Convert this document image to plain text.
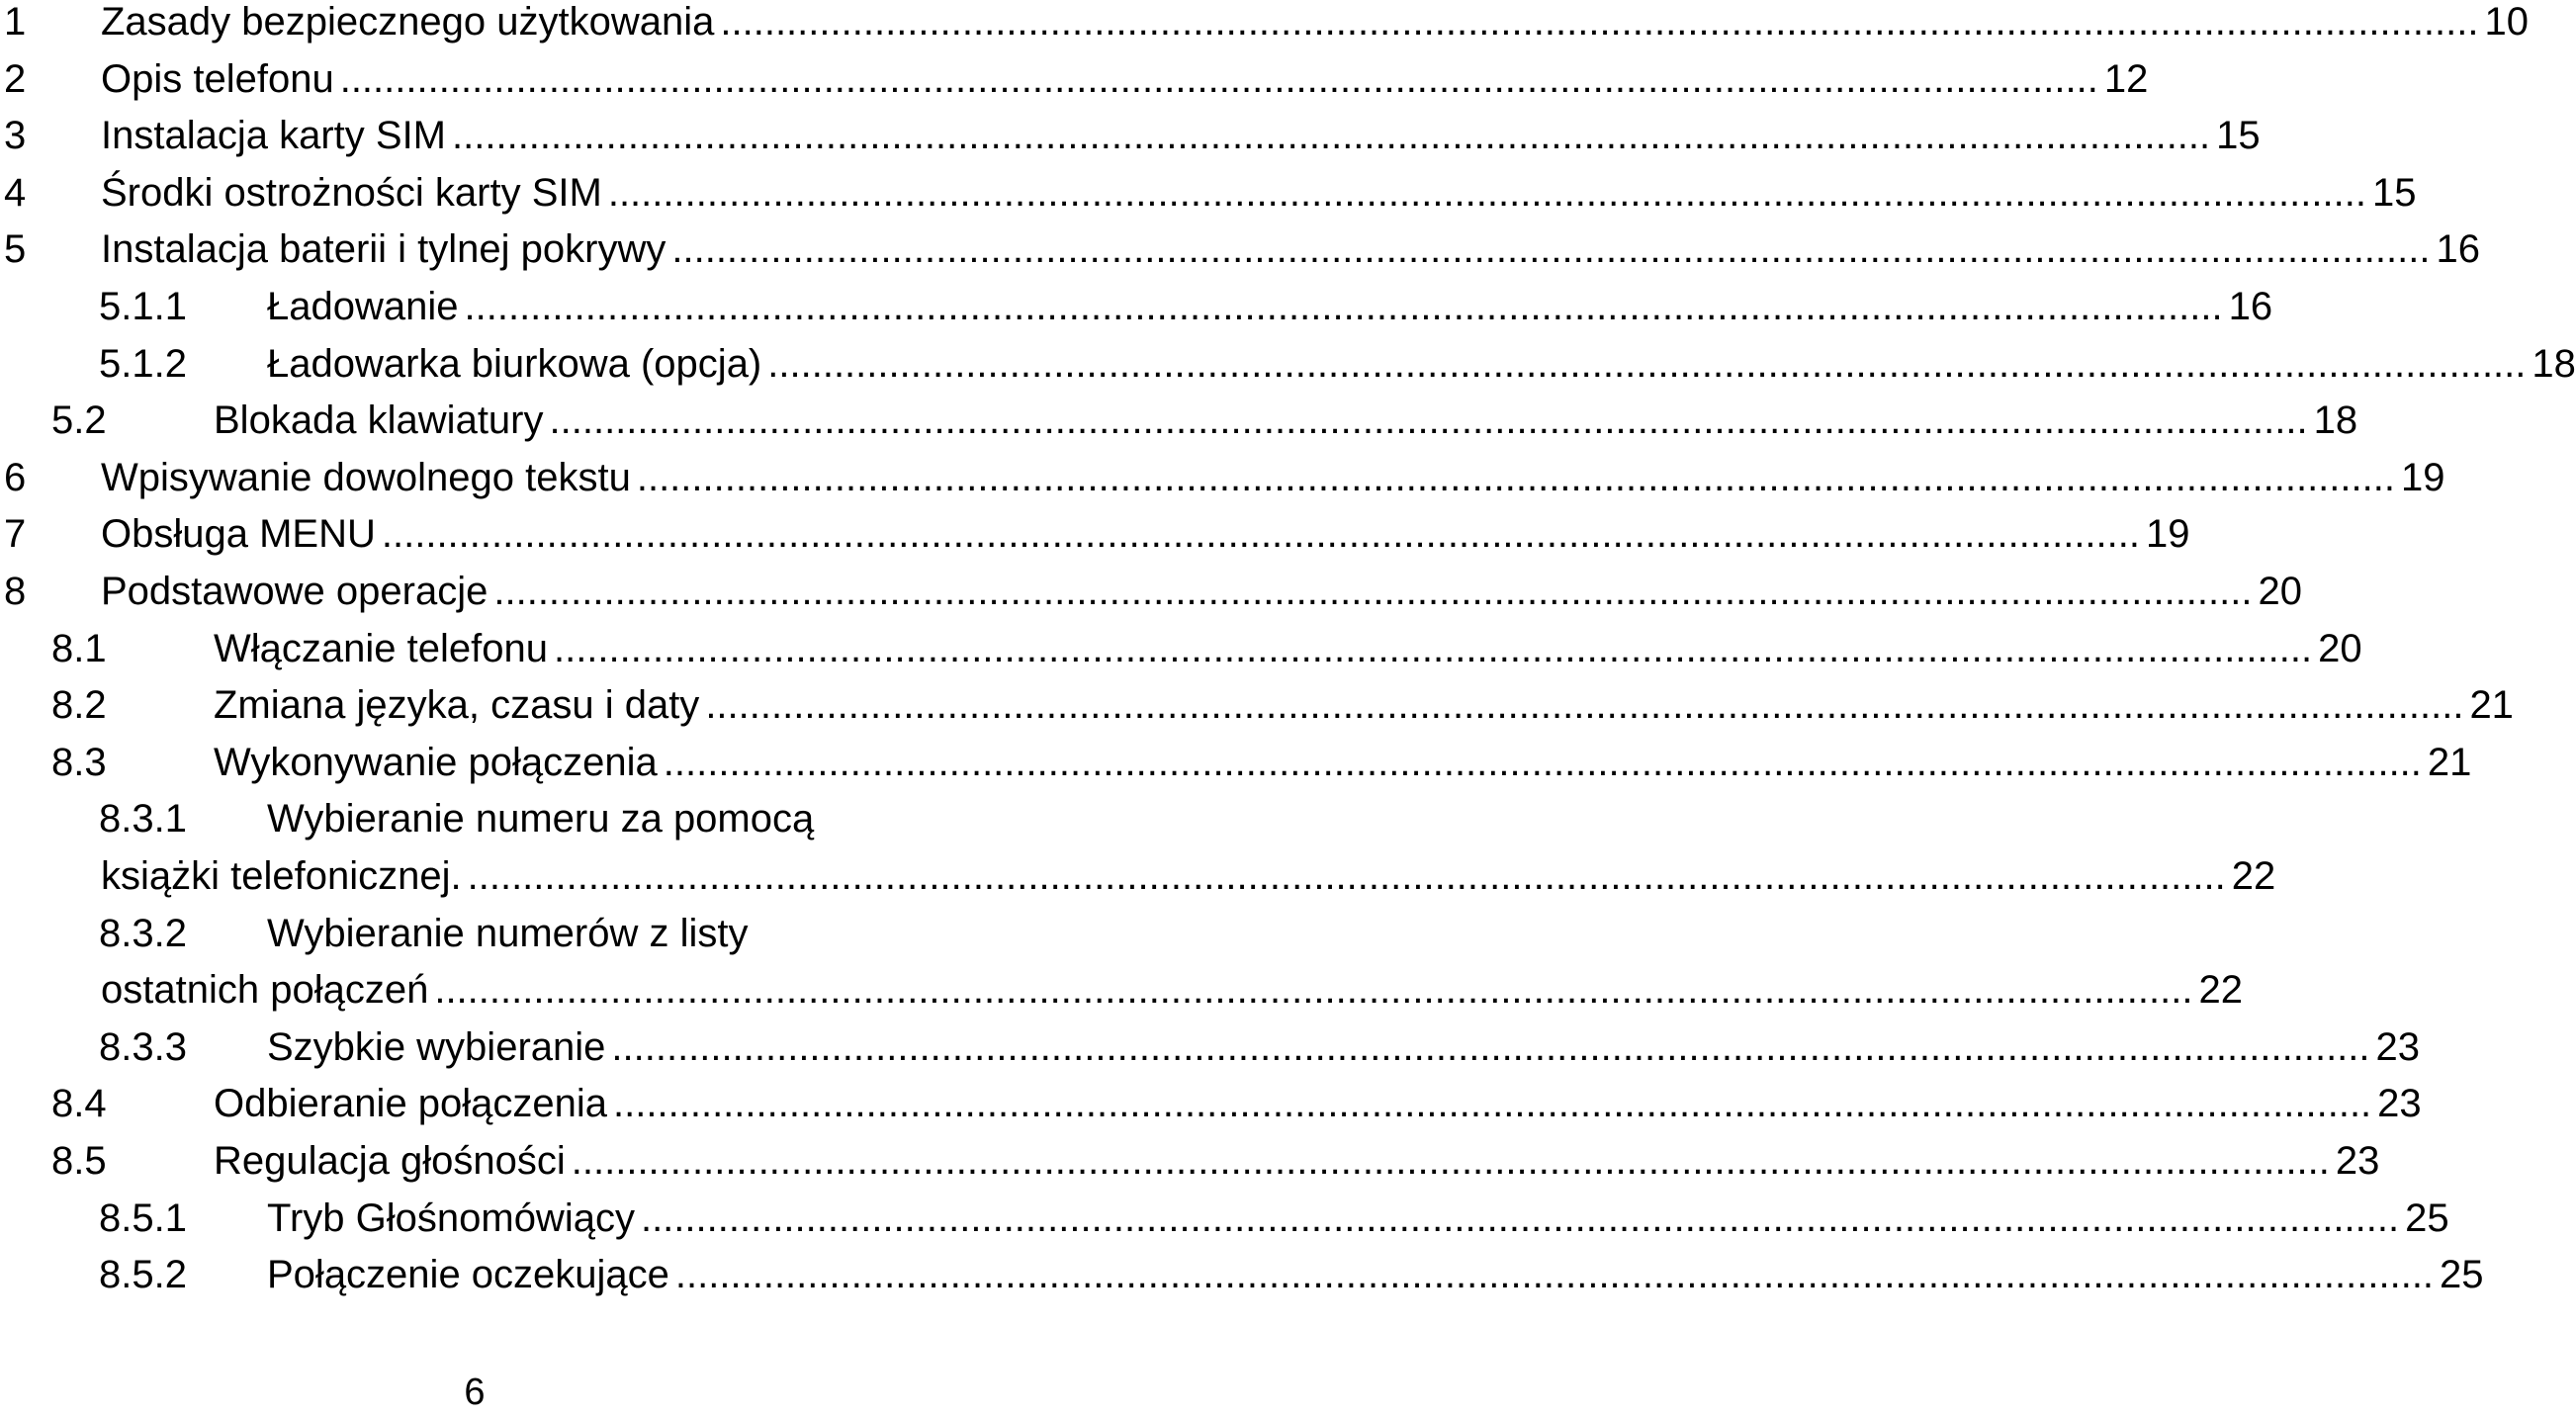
1 Zasady bezpiecznego użytkowania ................................................................................................................................................................ 10
2 Opis telefonu ................................................................................................................................................................ 12
3 Instalacja karty SIM ................................................................................................................................................................ 15
4 Środki ostrożności karty SIM ................................................................................................................................................................ 15
5 Instalacja baterii i tylnej pokrywy ................................................................................................................................................................ 16
5.1.1 Ładowanie ................................................................................................................................................................ 16
5.1.2 Ładowarka biurkowa (opcja) ................................................................................................................................................................ 18
5.2	Blokada klawiatury ................................................................................................................................................................ 18
6 Wpisywanie dowolnego tekstu ................................................................................................................................................................ 19
7 Obsługa MENU ................................................................................................................................................................ 19
8 Podstawowe operacje ................................................................................................................................................................ 20
8.1	Włączanie telefonu ................................................................................................................................................................ 20
8.2	Zmiana języka, czasu i daty ................................................................................................................................................................ 21
8.3	Wykonywanie połączenia ................................................................................................................................................................ 21
8.3.1 Wybieranie numeru za pomocą
książki telefonicznej. ................................................................................................................................................................ 22
8.3.2 Wybieranie numerów z listy
ostatnich połączeń ................................................................................................................................................................ 22
8.3.3 Szybkie wybieranie ................................................................................................................................................................ 23
8.4	Odbieranie połączenia ................................................................................................................................................................ 23
8.5	Regulacja głośności ................................................................................................................................................................ 23
8.5.1 Tryb Głośnomówiący ................................................................................................................................................................ 25
8.5.2 Połączenie oczekujące ................................................................................................................................................................ 25
6
